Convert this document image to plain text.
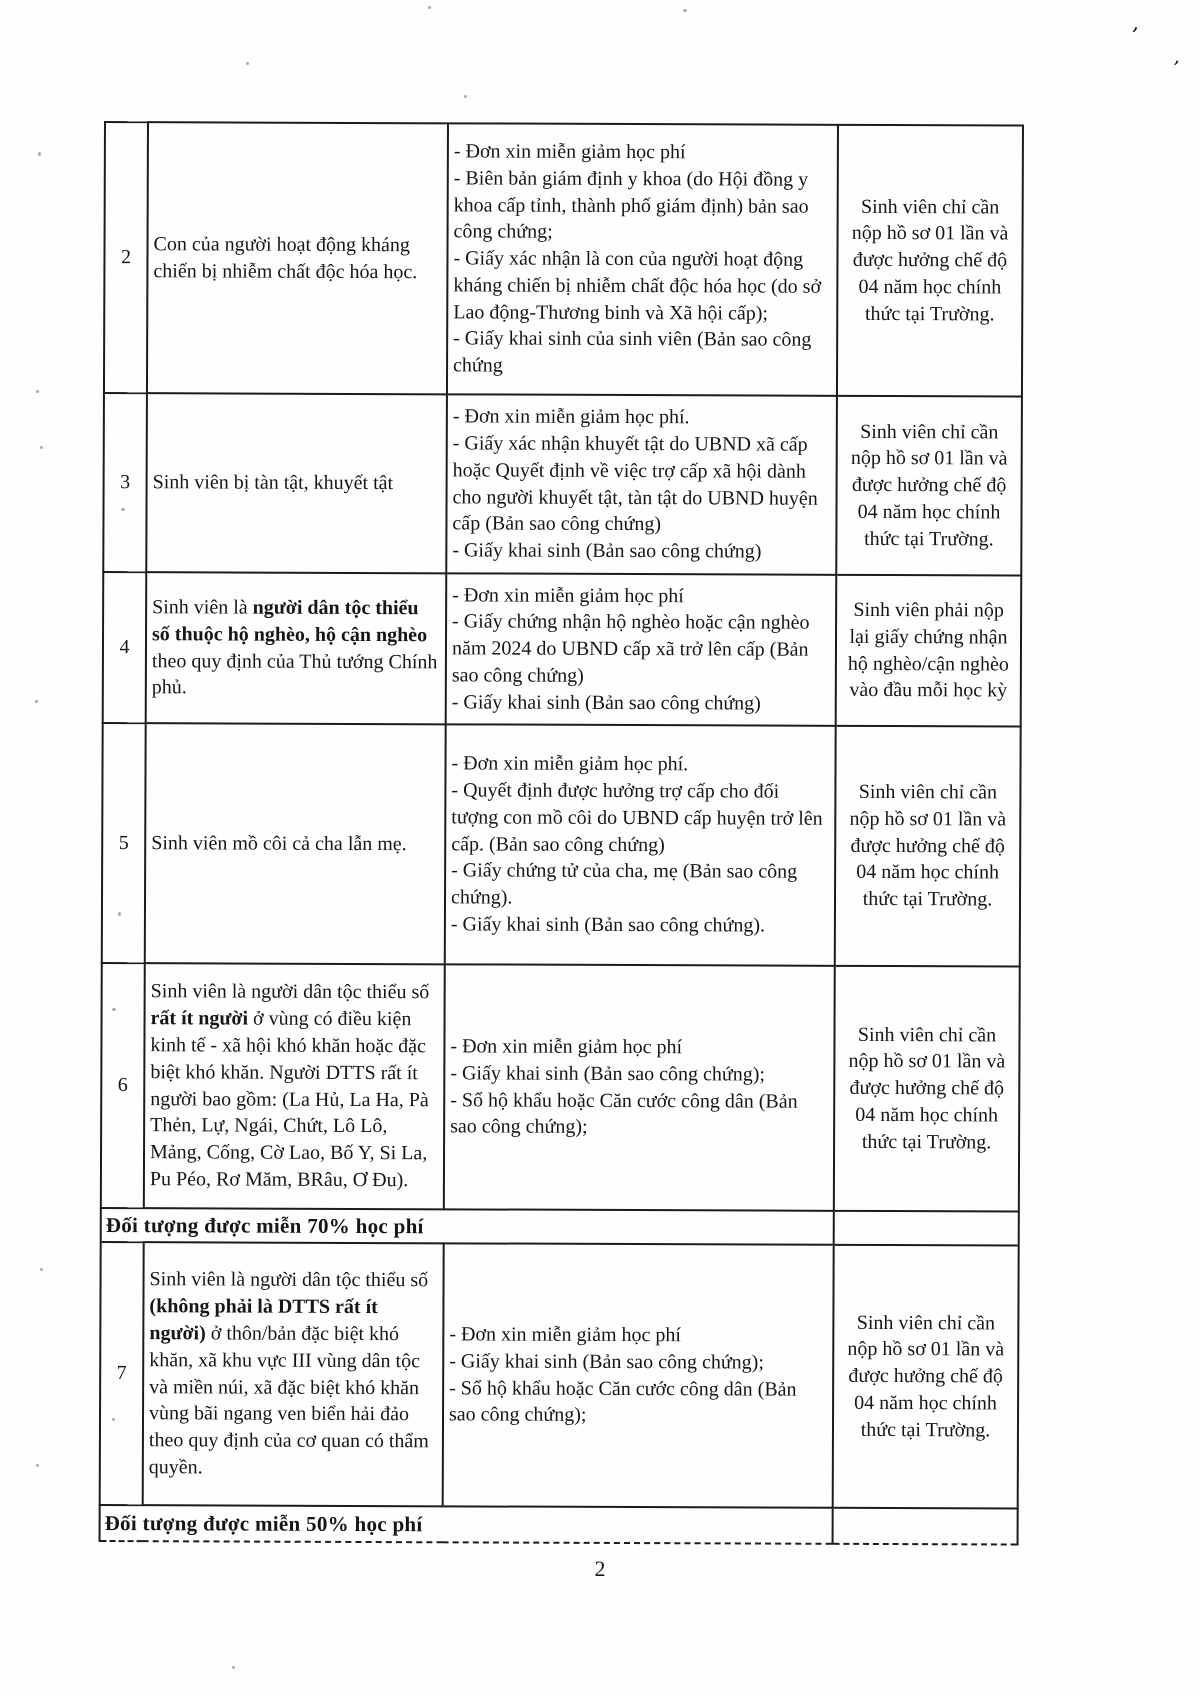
’
’
2	Con của người hoạt động kháng chiến bị nhiễm chất độc hóa học.	- Đơn xin miễn giảm học phí
- Biên bản giám định y khoa (do Hội đồng y khoa cấp tỉnh, thành phố giám định) bản sao công chứng;
- Giấy xác nhận là con của người hoạt động kháng chiến bị nhiễm chất độc hóa học (do sở Lao động-Thương binh và Xã hội cấp);
- Giấy khai sinh của sinh viên (Bản sao công chứng	Sinh viên chỉ cần nộp hồ sơ 01 lần và được hưởng chế độ 04 năm học chính thức tại Trường.
3	Sinh viên bị tàn tật, khuyết tật	- Đơn xin miễn giảm học phí.
- Giấy xác nhận khuyết tật do UBND xã cấp hoặc Quyết định về việc trợ cấp xã hội dành cho người khuyết tật, tàn tật do UBND huyện cấp (Bản sao công chứng)
- Giấy khai sinh (Bản sao công chứng)	Sinh viên chỉ cần nộp hồ sơ 01 lần và được hưởng chế độ 04 năm học chính thức tại Trường.
4	Sinh viên là người dân tộc thiểu số thuộc hộ nghèo, hộ cận nghèo theo quy định của Thủ tướng Chính phủ.	- Đơn xin miễn giảm học phí
- Giấy chứng nhận hộ nghèo hoặc cận nghèo năm 2024 do UBND cấp xã trở lên cấp (Bản sao công chứng)
- Giấy khai sinh (Bản sao công chứng)	Sinh viên phải nộp lại giấy chứng nhận hộ nghèo/cận nghèo vào đầu mỗi học kỳ
5	Sinh viên mồ côi cả cha lẫn mẹ.	- Đơn xin miễn giảm học phí.
- Quyết định được hưởng trợ cấp cho đối tượng con mồ côi do UBND cấp huyện trở lên cấp. (Bản sao công chứng)
- Giấy chứng tử của cha, mẹ (Bản sao công chứng).
- Giấy khai sinh (Bản sao công chứng).	Sinh viên chỉ cần nộp hồ sơ 01 lần và được hưởng chế độ 04 năm học chính thức tại Trường.
6	Sinh viên là người dân tộc thiểu số rất ít người ở vùng có điều kiện kinh tế - xã hội khó khăn hoặc đặc biệt khó khăn. Người DTTS rất ít người bao gồm: (La Hủ, La Ha, Pà Thẻn, Lự, Ngái, Chứt, Lô Lô, Mảng, Cống, Cờ Lao, Bố Y, Si La, Pu Péo, Rơ Măm, BRâu, Ơ Đu).	
- Đơn xin miễn giảm học phí
- Giấy khai sinh (Bản sao công chứng);
- Sổ hộ khẩu hoặc Căn cước công dân (Bản sao công chứng);
	Sinh viên chỉ cần nộp hồ sơ 01 lần và được hưởng chế độ 04 năm học chính thức tại Trường.
Đối tượng được miễn 70% học phí			
7	Sinh viên là người dân tộc thiểu số (không phải là DTTS rất ít người) ở thôn/bản đặc biệt khó khăn, xã khu vực III vùng dân tộc và miền núi, xã đặc biệt khó khăn vùng bãi ngang ven biển hải đảo theo quy định của cơ quan có thẩm quyền.	
- Đơn xin miễn giảm học phí
- Giấy khai sinh (Bản sao công chứng);
- Sổ hộ khẩu hoặc Căn cước công dân (Bản sao công chứng);
	Sinh viên chỉ cần nộp hồ sơ 01 lần và được hưởng chế độ 04 năm học chính thức tại Trường.
Đối tượng được miễn 50% học phí			
2
